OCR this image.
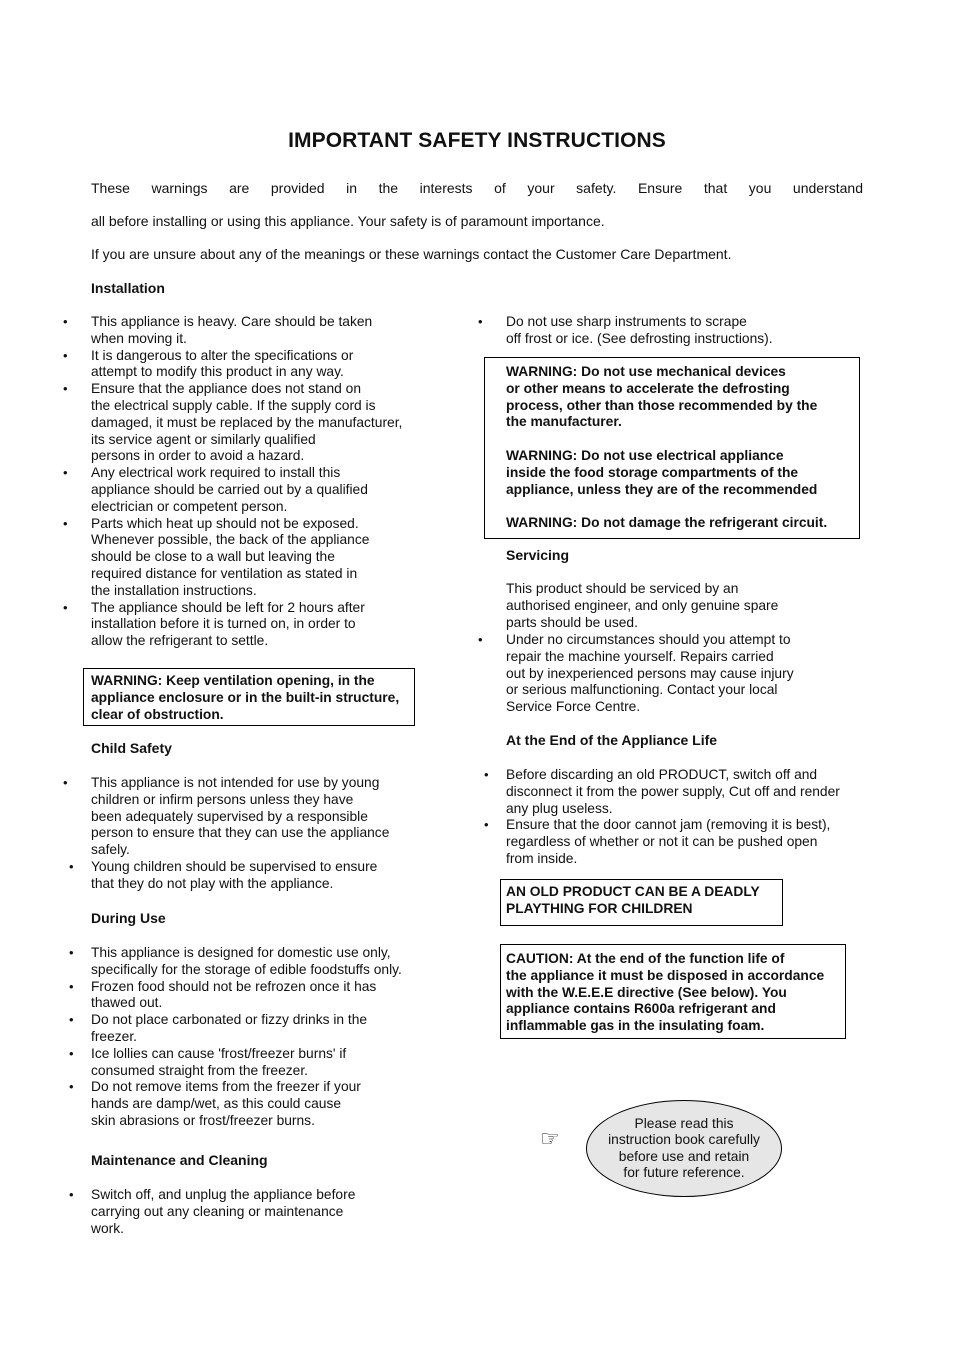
IMPORTANT SAFETY INSTRUCTIONS
These warnings are provided in the interests of your safety. Ensure that you understand
all before installing or using this appliance. Your safety is of paramount importance.
If you are unsure about any of the meanings or these warnings contact the Customer Care Department.
Installation
• This appliance is heavy. Care should be taken
when moving it.
• It is dangerous to alter the specifications or
attempt to modify this product in any way.
• Ensure that the appliance does not stand on
the electrical supply cable. If the supply cord is
damaged, it must be replaced by the manufacturer,
its service agent or similarly qualified
persons in order to avoid a hazard.
• Any electrical work required to install this
appliance should be carried out by a qualified
electrician or competent person.
• Parts which heat up should not be exposed.
Whenever possible, the back of the appliance
should be close to a wall but leaving the
required distance for ventilation as stated in
the installation instructions.
• The appliance should be left for 2 hours after
installation before it is turned on, in order to
allow the refrigerant to settle.
WARNING: Keep ventilation opening, in the
appliance enclosure or in the built-in structure,
clear of obstruction.
Child Safety
• This appliance is not intended for use by young
children or infirm persons unless they have
been adequately supervised by a responsible
person to ensure that they can use the appliance
safely.
• Young children should be supervised to ensure
that they do not play with the appliance.
During Use
• This appliance is designed for domestic use only,
specifically for the storage of edible foodstuffs only.
• Frozen food should not be refrozen once it has
thawed out.
• Do not place carbonated or fizzy drinks in the
freezer.
• Ice lollies can cause 'frost/freezer burns' if
consumed straight from the freezer.
• Do not remove items from the freezer if your
hands are damp/wet, as this could cause
skin abrasions or frost/freezer burns.
Maintenance and Cleaning
• Switch off, and unplug the appliance before
carrying out any cleaning or maintenance
work.
• Do not use sharp instruments to scrape
off frost or ice. (See defrosting instructions).
WARNING: Do not use mechanical devices
or other means to accelerate the defrosting
process, other than those recommended by the
the manufacturer.
WARNING: Do not use electrical appliance
inside the food storage compartments of the
appliance, unless they are of the recommended
WARNING: Do not damage the refrigerant circuit.
Servicing
This product should be serviced by an
authorised engineer, and only genuine spare
parts should be used.
• Under no circumstances should you attempt to
repair the machine yourself. Repairs carried
out by inexperienced persons may cause injury
or serious malfunctioning. Contact your local
Service Force Centre.
At the End of the Appliance Life
• Before discarding an old PRODUCT, switch off and
disconnect it from the power supply, Cut off and render
any plug useless.
• Ensure that the door cannot jam (removing it is best),
regardless of whether or not it can be pushed open
from inside.
AN OLD PRODUCT CAN BE A DEADLY
PLAYTHING FOR CHILDREN
CAUTION: At the end of the function life of
the appliance it must be disposed in accordance
with the W.E.E.E directive (See below). You
appliance contains R600a refrigerant and
inflammable gas in the insulating foam.
☞
Please read this
instruction book carefully
before use and retain
for future reference.
